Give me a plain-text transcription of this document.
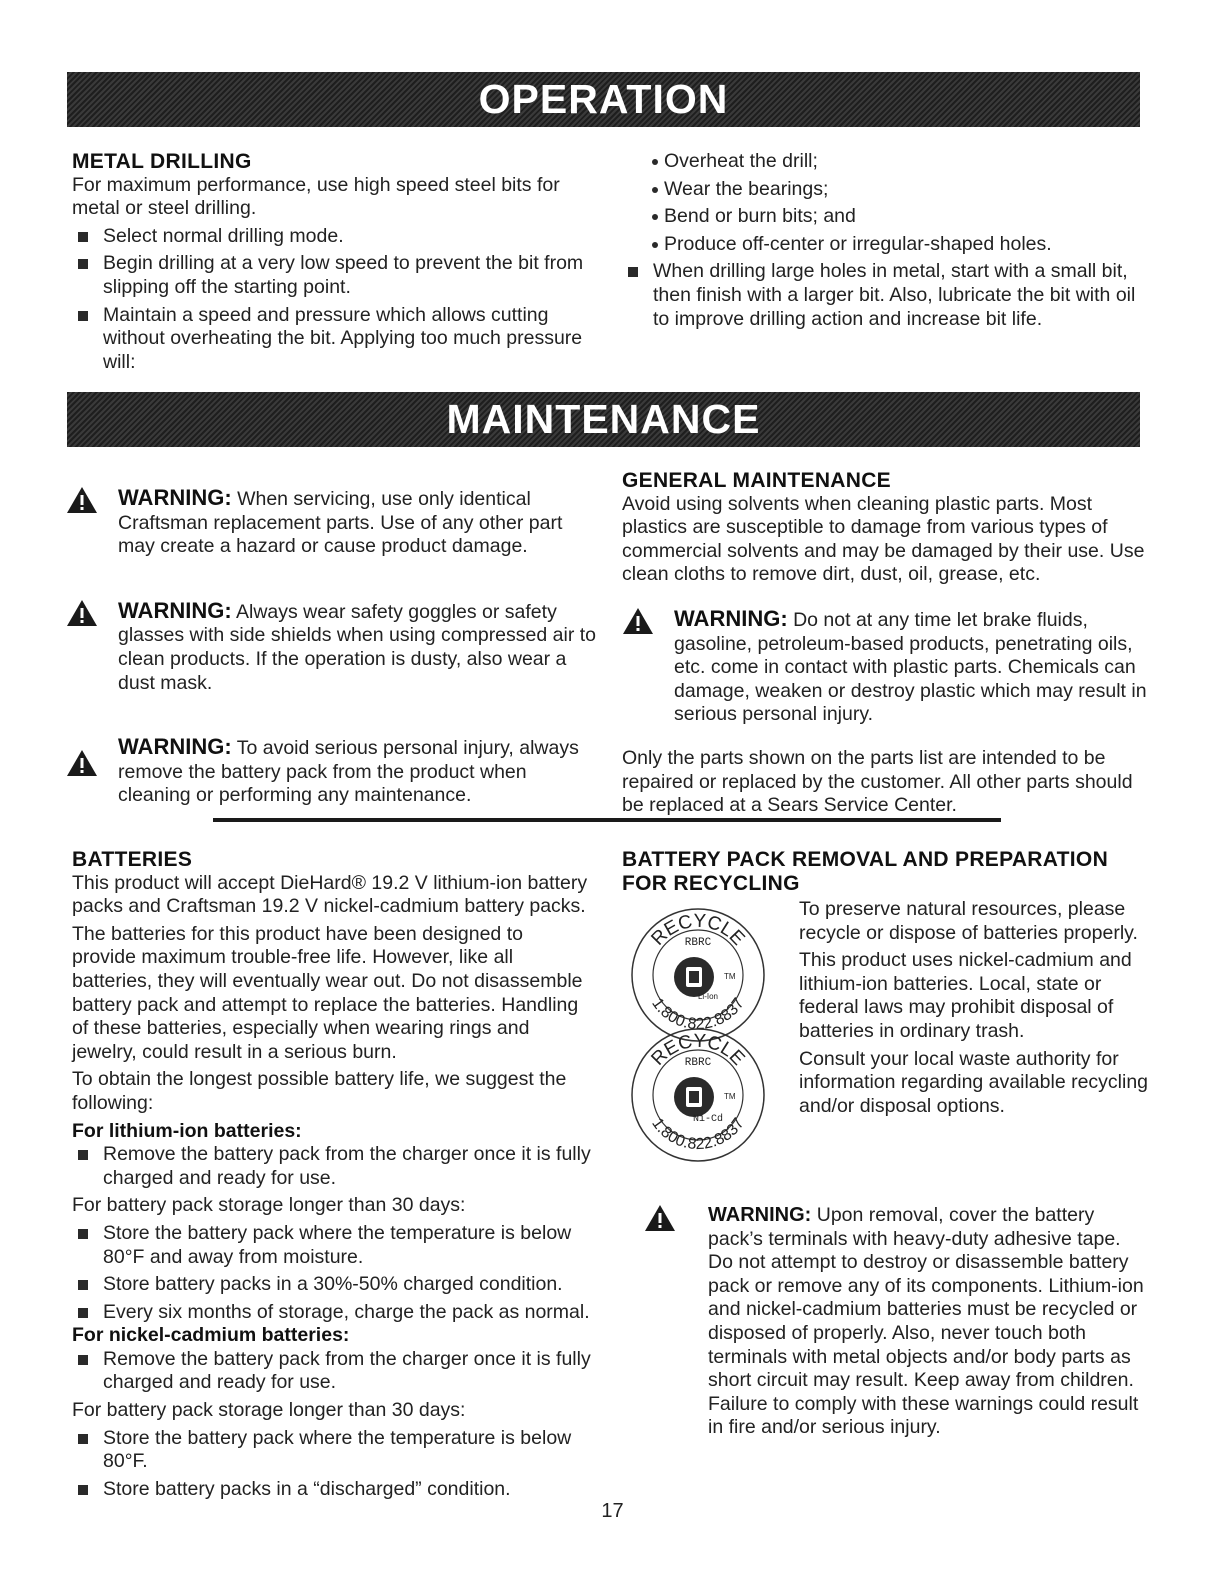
OPERATION

METAL DRILLING

For maximum performance, use high speed steel bits for metal or steel drilling.

Select normal drilling mode.

Begin drilling at a very low speed to prevent the bit from slipping off the starting point.

Maintain a speed and pressure which allows cutting without overheating the bit. Applying too much pressure will:

Overheat the drill;

Wear the bearings;

Bend or burn bits; and

Produce off-center or irregular-shaped holes.

When drilling large holes in metal, start with a small bit, then finish with a larger bit. Also, lubricate the bit with oil to improve drilling action and increase bit life.

MAINTENANCE

WARNING: When servicing, use only identical Craftsman replacement parts. Use of any other part may create a hazard or cause product damage.

WARNING: Always wear safety goggles or safety glasses with side shields when using compressed air to clean products. If the operation is dusty, also wear a dust mask.

WARNING: To avoid serious personal injury, always remove the battery pack from the product when cleaning or performing any maintenance.

GENERAL MAINTENANCE

Avoid using solvents when cleaning plastic parts. Most plastics are susceptible to damage from various types of commercial solvents and may be damaged by their use. Use clean cloths to remove dirt, dust, oil, grease, etc.

WARNING: Do not at any time let brake fluids, gasoline, petroleum-based products, penetrating oils, etc. come in contact with plastic parts. Chemicals can damage, weaken or destroy plastic which may result in serious personal injury.

Only the parts shown on the parts list are intended to be repaired or replaced by the customer. All other parts should be replaced at a Sears Service Center.

BATTERIES

This product will accept DieHard® 19.2 V lithium-ion battery packs and Craftsman 19.2 V nickel-cadmium battery packs.

The batteries for this product have been designed to provide maximum trouble-free life. However, like all batteries, they will eventually wear out. Do not disassemble battery pack and attempt to replace the batteries. Handling of these batteries, especially when wearing rings and jewelry, could result in a serious burn.

To obtain the longest possible battery life, we suggest the following:

For lithium-ion batteries:

Remove the battery pack from the charger once it is fully charged and ready for use.

For battery pack storage longer than 30 days:

Store the battery pack where the temperature is below 80°F and away from moisture.

Store battery packs in a 30%-50% charged condition.

Every six months of storage, charge the pack as normal.

For nickel-cadmium batteries:

Remove the battery pack from the charger once it is fully charged and ready for use.

For battery pack storage longer than 30 days:

Store the battery pack where the temperature is below 80°F.

Store battery packs in a “discharged” condition.

BATTERY PACK REMOVAL AND PREPARATION FOR RECYCLING

To preserve natural resources, please recycle or dispose of batteries properly.

This product uses nickel-cadmium and lithium-ion batteries. Local, state or federal laws may prohibit disposal of batteries in ordinary trash.

Consult your local waste authority for information regarding available recycling and/or disposal options.

RECYCLE
RBRC
TM
Li-Ion
1.800.822.8837
RECYCLE
RBRC
TM
Ni-Cd
1.800.822.8837

WARNING: Upon removal, cover the battery pack’s terminals with heavy-duty adhesive tape. Do not attempt to destroy or disassemble battery pack or remove any of its components. Lithium-ion and nickel-cadmium batteries must be recycled or disposed of properly. Also, never touch both terminals with metal objects and/or body parts as short circuit may result. Keep away from children. Failure to comply with these warnings could result in fire and/or serious injury.

17
